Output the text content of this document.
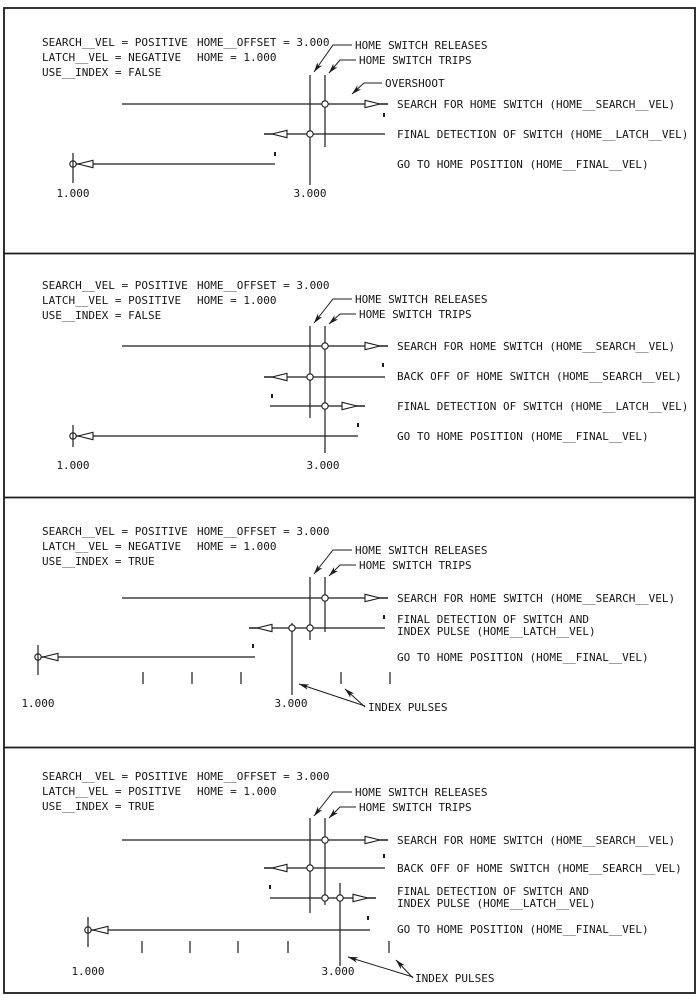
SEARCH__VEL = POSITIVE HOME__OFFSET = 3.000
LATCH__VEL = NEGATIVE HOME = 1.000
USE__INDEX = FALSE
HOME SWITCH RELEASES
HOME SWITCH TRIPS
OVERSHOOT
1.000	3.000
SEARCH FOR HOME SWITCH (HOME__SEARCH__VEL)
FINAL DETECTION OF SWITCH (HOME__LATCH__VEL)
GO TO HOME POSITION (HOME__FINAL__VEL)
SEARCH__VEL = POSITIVE HOME__OFFSET = 3.000
LATCH__VEL = POSITIVE HOME = 1.000
USE__INDEX = FALSE
HOME SWITCH RELEASES
HOME SWITCH TRIPS
1.000	3.000
SEARCH FOR HOME SWITCH (HOME__SEARCH__VEL)
BACK OFF OF HOME SWITCH (HOME__SEARCH__VEL)
FINAL DETECTION OF SWITCH (HOME__LATCH__VEL)
GO TO HOME POSITION (HOME__FINAL__VEL)
SEARCH__VEL = POSITIVE HOME__OFFSET = 3.000
LATCH__VEL = NEGATIVE HOME = 1.000
USE__INDEX = TRUE
HOME SWITCH RELEASES
HOME SWITCH TRIPS
1.000	3.000
SEARCH FOR HOME SWITCH (HOME__SEARCH__VEL)
FINAL DETECTION OF SWITCH AND
INDEX PULSE (HOME__LATCH__VEL)
GO TO HOME POSITION (HOME__FINAL__VEL)
INDEX PULSES
SEARCH__VEL = POSITIVE HOME__OFFSET = 3.000
LATCH__VEL = POSITIVE HOME = 1.000
USE__INDEX = TRUE
HOME SWITCH RELEASES
HOME SWITCH TRIPS
1.000	3.000
SEARCH FOR HOME SWITCH (HOME__SEARCH__VEL)
BACK OFF OF HOME SWITCH (HOME__SEARCH__VEL)
FINAL DETECTION OF SWITCH AND
INDEX PULSE (HOME__LATCH__VEL)
GO TO HOME POSITION (HOME__FINAL__VEL)
INDEX PULSES
